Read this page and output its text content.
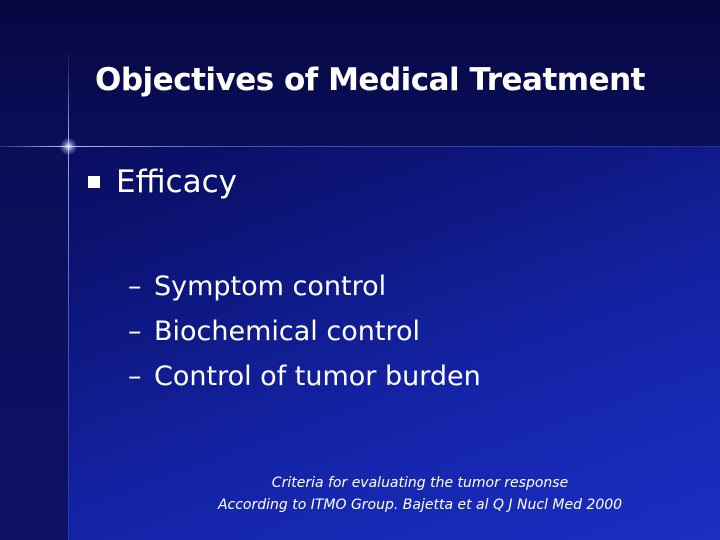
Objectives of Medical Treatment
Efficacy
– Symptom control
– Biochemical control
– Control of tumor burden
Criteria for evaluating the tumor response
According to ITMO Group. Bajetta et al Q J Nucl Med 2000
